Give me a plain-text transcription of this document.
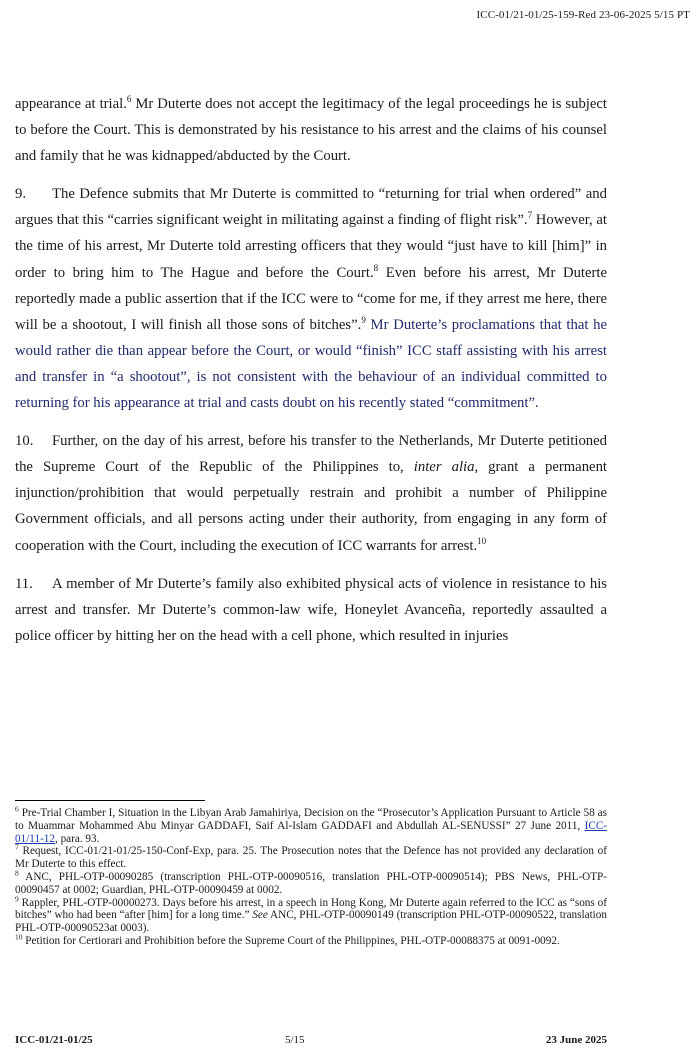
ICC-01/21-01/25-159-Red 23-06-2025 5/15 PT

appearance at trial.$^6$ Mr Duterte does not accept the legitimacy of the legal proceedings he is subject to before the Court. This is demonstrated by his resistance to his arrest and the claims of his counsel and family that he was kidnapped/abducted by the Court.

9. The Defence submits that Mr Duterte is committed to “returning for trial when ordered” and argues that this “carries significant weight in militating against a finding of flight risk”.$^7$ However, at the time of his arrest, Mr Duterte told arresting officers that they would “just have to kill [him]” in order to bring him to The Hague and before the Court.$^8$ Even before his arrest, Mr Duterte reportedly made a public assertion that if the ICC were to “come for me, if they arrest me here, there will be a shootout, I will finish all those sons of bitches”.$^9$ Mr Duterte’s proclamations that that he would rather die than appear before the Court, or would “finish” ICC staff assisting with his arrest and transfer in “a shootout”, is not consistent with the behaviour of an individual committed to returning for his appearance at trial and casts doubt on his recently stated “commitment”.

10. Further, on the day of his arrest, before his transfer to the Netherlands, Mr Duterte petitioned the Supreme Court of the Republic of the Philippines to, inter alia, grant a permanent injunction/prohibition that would perpetually restrain and prohibit a number of Philippine Government officials, and all persons acting under their authority, from engaging in any form of cooperation with the Court, including the execution of ICC warrants for arrest.$^{10}$

11. A member of Mr Duterte’s family also exhibited physical acts of violence in resistance to his arrest and transfer. Mr Duterte’s common-law wife, Honeylet Avanceña, reportedly assaulted a police officer by hitting her on the head with a cell phone, which resulted in injuries

$^6$ Pre-Trial Chamber I, Situation in the Libyan Arab Jamahiriya, Decision on the “Prosecutor’s Application Pursuant to Article 58 as to Muammar Mohammed Abu Minyar GADDAFI, Saif Al-Islam GADDAFI and Abdullah AL-SENUSSI” 27 June 2011, ICC-01/11-12, para. 93.

$^7$ Request, ICC-01/21-01/25-150-Conf-Exp, para. 25. The Prosecution notes that the Defence has not provided any declaration of Mr Duterte to this effect.

$^8$ ANC, PHL-OTP-00090285 (transcription PHL-OTP-00090516, translation PHL-OTP-00090514); PBS News, PHL-OTP-00090457 at 0002; Guardian, PHL-OTP-00090459 at 0002.

$^9$ Rappler, PHL-OTP-00000273. Days before his arrest, in a speech in Hong Kong, Mr Duterte again referred to the ICC as “sons of bitches” who had been “after [him] for a long time.” See ANC, PHL-OTP-00090149 (transcription PHL-OTP-00090522, translation PHL-OTP-00090523at 0003).

$^{10}$ Petition for Certiorari and Prohibition before the Supreme Court of the Philippines, PHL-OTP-00088375 at 0091-0092.

ICC-01/21-01/25	5/15	23 June 2025
